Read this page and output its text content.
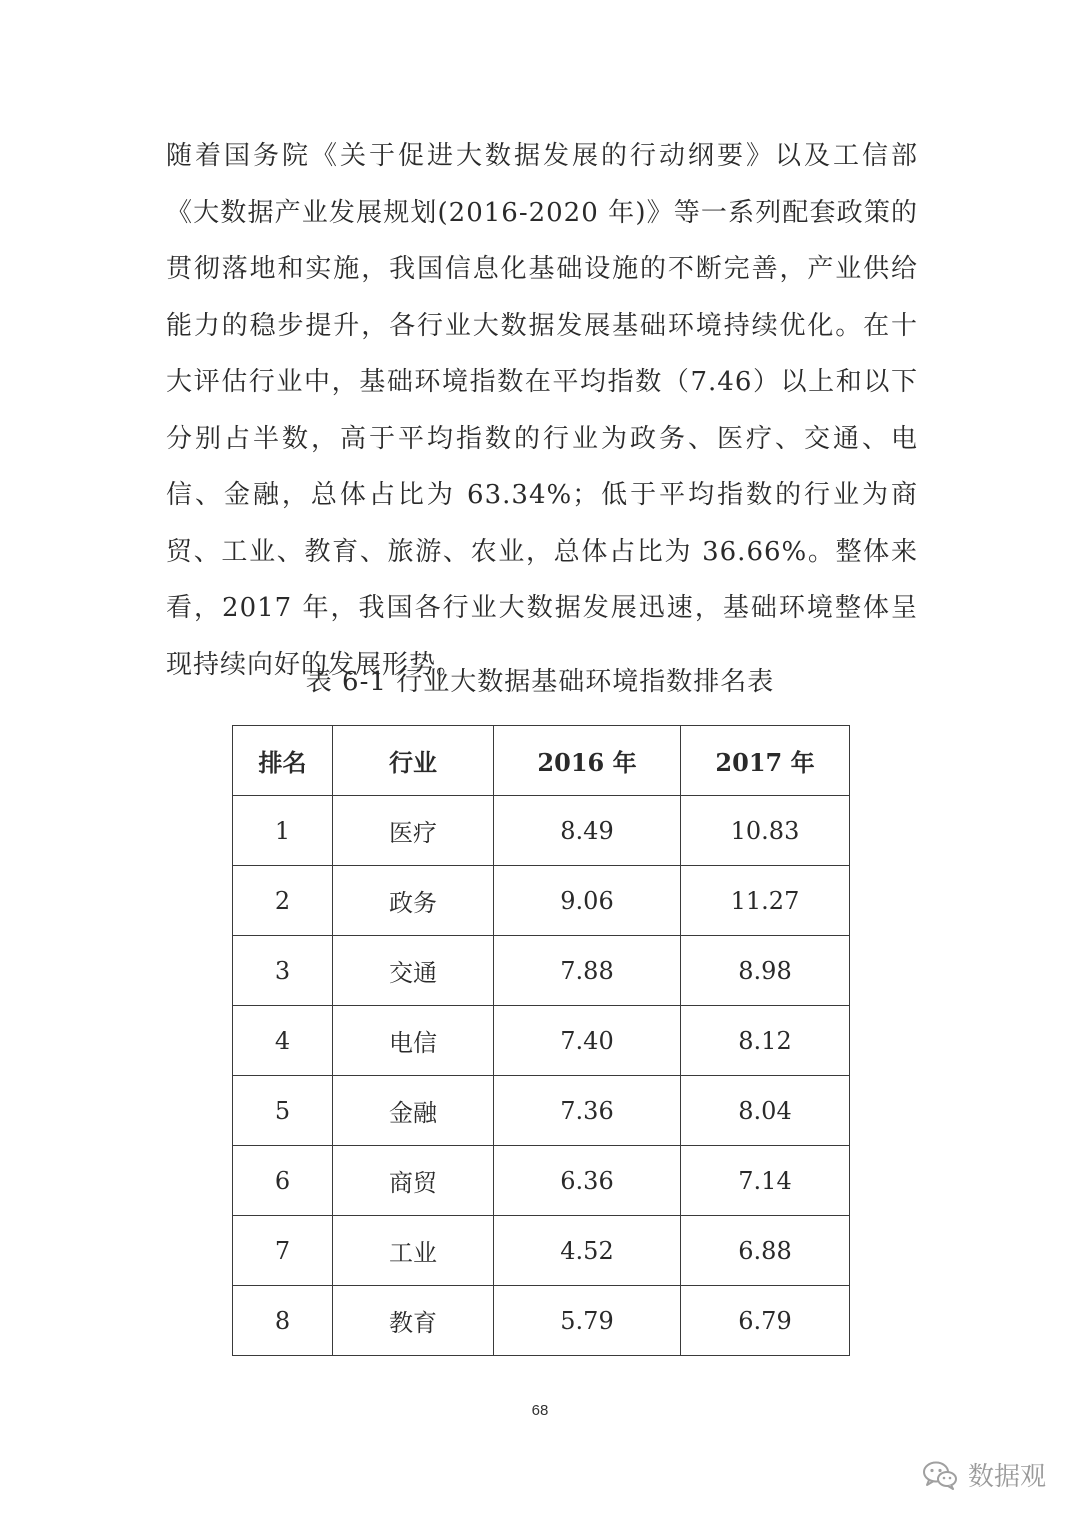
随着国务院《关于促进大数据发展的行动纲要》以及工信部《大数据产业发展规划(2016-2020 年)》等一系列配套政策的贯彻落地和实施，我国信息化基础设施的不断完善，产业供给能力的稳步提升，各行业大数据发展基础环境持续优化。在十大评估行业中，基础环境指数在平均指数（7.46）以上和以下分别占半数，高于平均指数的行业为政务、医疗、交通、电信、金融，总体占比为 63.34%；低于平均指数的行业为商贸、工业、教育、旅游、农业，总体占比为 36.66%。整体来看，2017 年，我国各行业大数据发展迅速，基础环境整体呈现持续向好的发展形势。

表 6-1 行业大数据基础环境指数排名表
排名	行业	2016 年	2017 年
1	医疗	8.49	10.83
2	政务	9.06	11.27
3	交通	7.88	8.98
4	电信	7.40	8.12
5	金融	7.36	8.04
6	商贸	6.36	7.14
7	工业	4.52	6.88
8	教育	5.79	6.79
68
数据观
